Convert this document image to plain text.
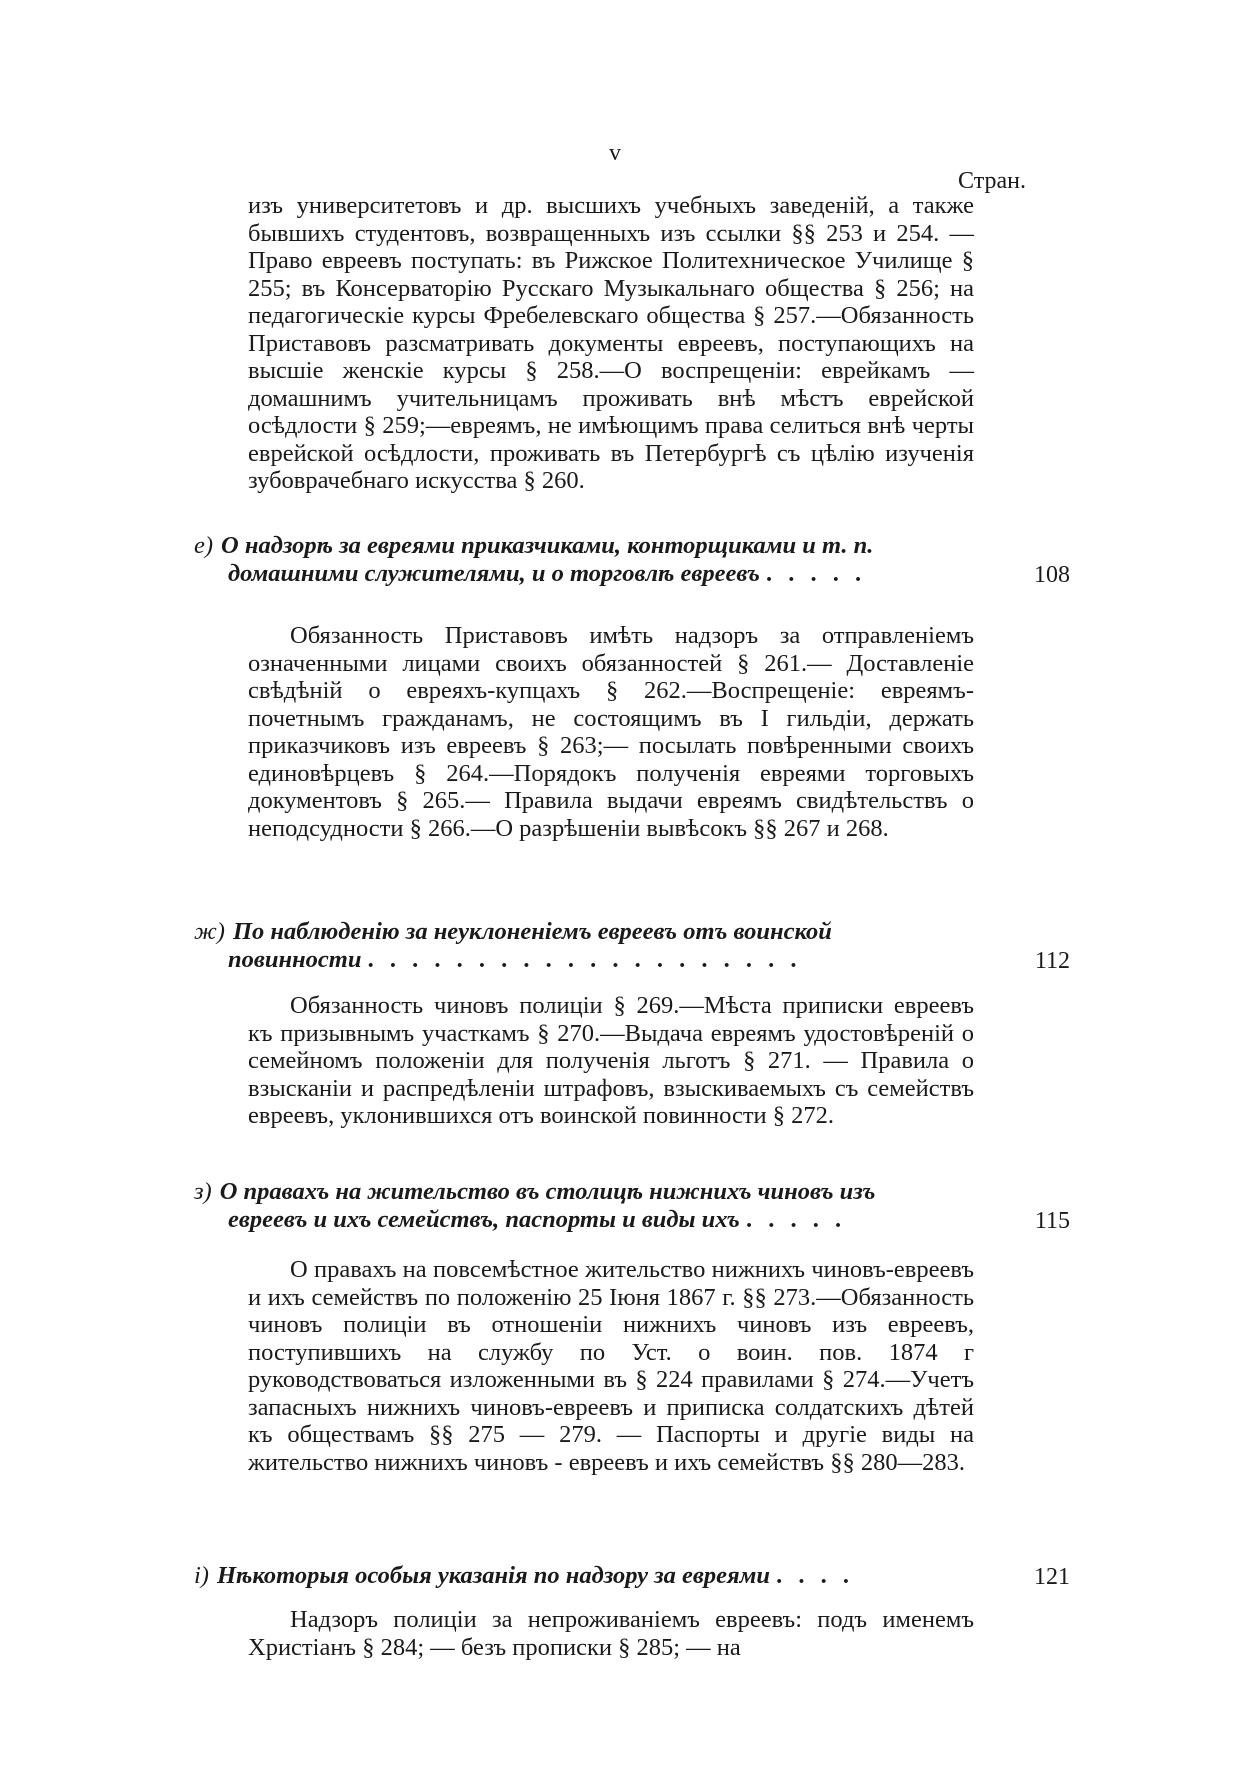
v
Стран.

изъ университетовъ и др. высшихъ учебныхъ заведеній, а также бывшихъ студентовъ, возвращенныхъ изъ ссылки §§ 253 и 254. — Право евреевъ поступать: въ Рижское Политехническое Училище § 255; въ Консерваторію Русскаго Музыкальнаго общества § 256; на педагогическіе курсы Фребелевскаго общества § 257.—Обязанность Приставовъ разсматривать документы евреевъ, поступающихъ на высшіе женскіе курсы § 258.—О воспрещеніи: еврейкамъ — домашнимъ учительницамъ проживать внѣ мѣстъ еврейской осѣдлости § 259;—евреямъ, не имѣющимъ права селиться внѣ черты еврейской осѣдлости, проживать въ Петербургѣ съ цѣлію изученія зубоврачебнаго искусства § 260.

е) О надзорѣ за евреями приказчиками, конторщиками и т. п.
домашними служителями, и о торговлѣ евреевъ . . . . .	108

Обязанность Приставовъ имѣть надзоръ за отправленіемъ означенными лицами своихъ обязанностей § 261.— Доставленіе свѣдѣній о евреяхъ-купцахъ § 262.—Воспрещеніе: евреямъ-почетнымъ гражданамъ, не состоящимъ въ I гильдіи, держать приказчиковъ изъ евреевъ § 263;— посылать повѣренными своихъ единовѣрцевъ § 264.—Порядокъ полученія евреями торговыхъ документовъ § 265.— Правила выдачи евреямъ свидѣтельствъ о неподсудности § 266.—О разрѣшеніи вывѣсокъ §§ 267 и 268.

ж) По наблюденію за неуклоненіемъ евреевъ отъ воинской
повинности . . . . . . . . . . . . . . . . . . . .	112

Обязанность чиновъ полиціи § 269.—Мѣста приписки евреевъ къ призывнымъ участкамъ § 270.—Выдача евреямъ удостовѣреній о семейномъ положеніи для полученія льготъ § 271. — Правила о взысканіи и распредѣленіи штрафовъ, взыскиваемыхъ съ семействъ евреевъ, уклонившихся отъ воинской повинности § 272.

з) О правахъ на жительство въ столицѣ нижнихъ чиновъ изъ
евреевъ и ихъ семействъ, паспорты и виды ихъ . . . . .	115

О правахъ на повсемѣстное жительство нижнихъ чиновъ-евреевъ и ихъ семействъ по положенію 25 Іюня 1867 г. §§ 273.—Обязанность чиновъ полиціи въ отношеніи нижнихъ чиновъ изъ евреевъ, поступившихъ на службу по Уст. о воин. пов. 1874 г руководствоваться изложенными въ § 224 правилами § 274.—Учетъ запасныхъ нижнихъ чиновъ-евреевъ и приписка солдатскихъ дѣтей къ обществамъ §§ 275 — 279. — Паспорты и другіе виды на жительство нижнихъ чиновъ - евреевъ и ихъ семействъ §§ 280—283.

і) Нѣкоторыя особыя указанія по надзору за евреями . . . .	121

Надзоръ полиціи за непроживаніемъ евреевъ: подъ именемъ Христіанъ § 284; — безъ прописки § 285; — на
